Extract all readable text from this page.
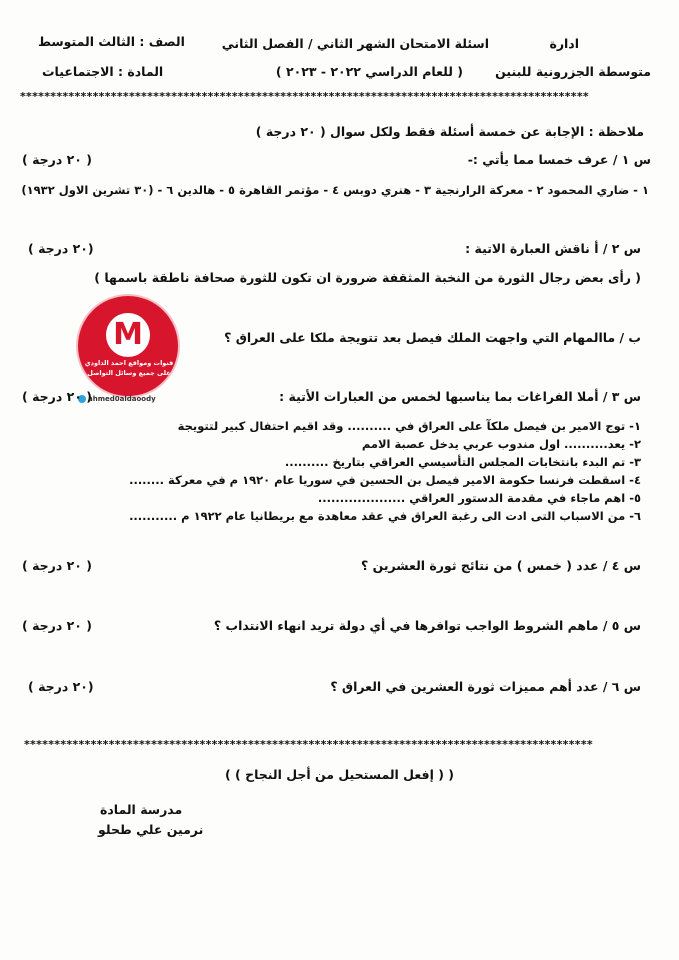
ادارة
متوسطة الجزرونية للبنين
اسئلة الامتحان الشهر الثاني / الفصل الثاني
( للعام الدراسي ٢٠٢٢ - ٢٠٢٣ )
الصف : الثالث المتوسط
المادة : الاجتماعيات
**********************************************************************************************
ملاحظة : الإجابة عن خمسة أسئلة فقط ولكل سوال ( ٢٠ درجة )
س ١ / عرف خمسا مما يأتي :-
( ٢٠ درجة )
١ - ضاري المحمود ٢ - معركة الرارنجية ٣ - هنري دوبس ٤ - مؤتمر القاهرة ٥ - هالدين ٦ - (٣٠ تشرين الاول ١٩٣٢)
س ٢ / أ ناقش العبارة الاتية :
(٢٠ درجة )
( رأى بعض رجال الثورة من النخبة المثقفة ضرورة ان تكون للثورة صحافة ناطقة باسمها )
ب / ماالمهام التي واجهت الملك فيصل بعد تتويجة ملكا على العراق ؟
M
قنوات ومواقع احمد الداودي
على جميع وسائل التواصل
ahmed0aldaoody	س ٣ / أملا الفراغات بما يناسبها لخمس من العبارات الأتية :
( ٢٠ درجة )
١- توج الامير بن فيصل ملكآ على العراق في .......... وقد اقيم احتفال كبير لتتويجة
٢- يعد.......... اول مندوب عربي يدخل عصبة الامم
٣- تم البدء بانتخابات المجلس التأسيسي العراقي بتاريخ ..........
٤- اسقطت فرنسا حكومة الامير فيصل بن الحسين في سوريا عام ١٩٢٠ م في معركة ........
٥- اهم ماجاء في مقدمة الدستور العراقي ....................
٦- من الاسباب التى ادت الى رغبة العراق في عقد معاهدة مع بريطانيا عام ١٩٢٢ م ...........
س ٤ / عدد ( خمس ) من نتائج ثورة العشرين ؟
( ٢٠ درجة )
س ٥ / ماهم الشروط الواجب توافرها في أي دولة تريد انهاء الانتداب ؟
( ٢٠ درجة )
س ٦ / عدد أهم مميزات ثورة العشرين في العراق ؟
(٢٠ درجة )
**********************************************************************************************
( ( إفعل المستحيل من أجل النجاح ) )
مدرسة المادة
نرمين علي طحلو
